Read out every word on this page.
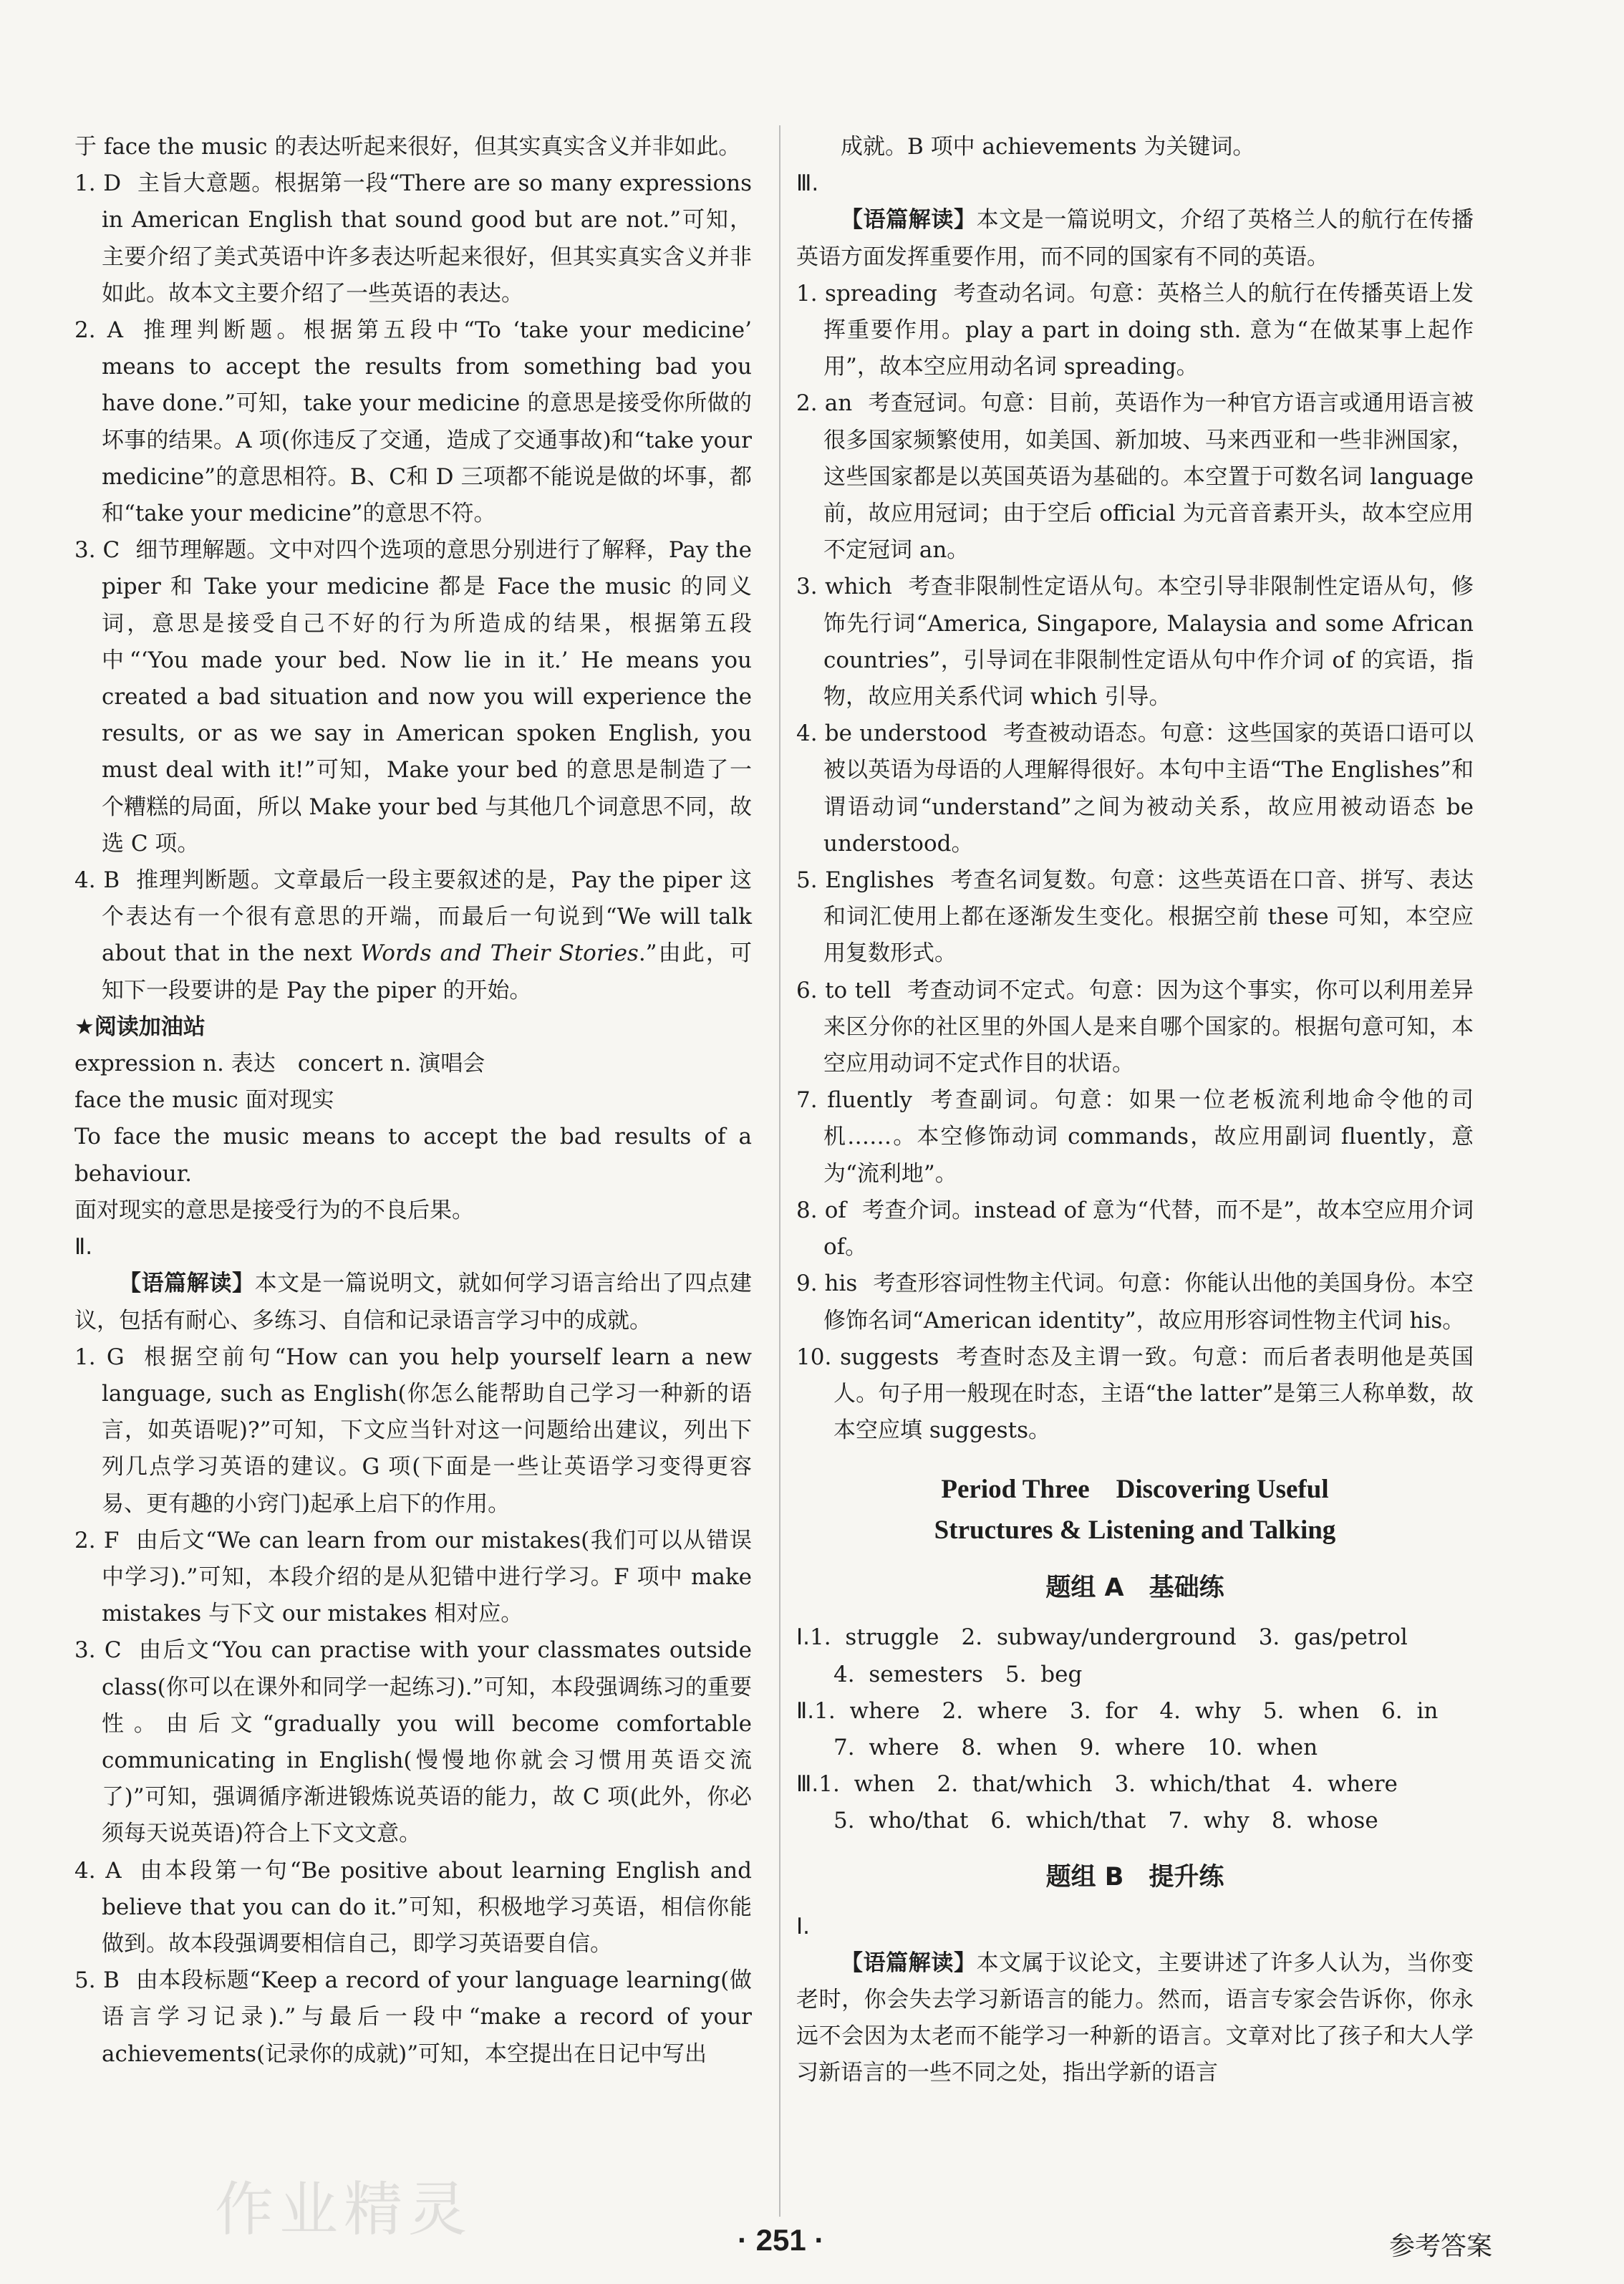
于 face the music 的表达听起来很好，但其实真实含义并非如此。

1. D 主旨大意题。根据第一段“There are so many expressions in American English that sound good but are not.”可知，主要介绍了美式英语中许多表达听起来很好，但其实真实含义并非如此。故本文主要介绍了一些英语的表达。
2. A 推理判断题。根据第五段中“To ‘take your medicine’ means to accept the results from something bad you have done.”可知，take your medicine 的意思是接受你所做的坏事的结果。A 项(你违反了交通，造成了交通事故)和“take your medicine”的意思相符。B、C和 D 三项都不能说是做的坏事，都和“take your medicine”的意思不符。
3. C 细节理解题。文中对四个选项的意思分别进行了解释，Pay the piper 和 Take your medicine 都是 Face the music 的同义词，意思是接受自己不好的行为所造成的结果，根据第五段中“‘You made your bed. Now lie in it.’ He means you created a bad situation and now you will experience the results, or as we say in American spoken English, you must deal with it!”可知，Make your bed 的意思是制造了一个糟糕的局面，所以 Make your bed 与其他几个词意思不同，故选 C 项。
4. B 推理判断题。文章最后一段主要叙述的是，Pay the piper 这个表达有一个很有意思的开端，而最后一句说到“We will talk about that in the next Words and Their Stories.”由此，可知下一段要讲的是 Pay the piper 的开始。

★阅读加油站

expression n. 表达　concert n. 演唱会

face the music 面对现实

To face the music means to accept the bad results of a behaviour.

面对现实的意思是接受行为的不良后果。

Ⅱ.

【语篇解读】本文是一篇说明文，就如何学习语言给出了四点建议，包括有耐心、多练习、自信和记录语言学习中的成就。

1. G 根据空前句“How can you help yourself learn a new language, such as English(你怎么能帮助自己学习一种新的语言，如英语呢)?”可知，下文应当针对这一问题给出建议，列出下列几点学习英语的建议。G 项(下面是一些让英语学习变得更容易、更有趣的小窍门)起承上启下的作用。
2. F 由后文“We can learn from our mistakes(我们可以从错误中学习).”可知，本段介绍的是从犯错中进行学习。F 项中 make mistakes 与下文 our mistakes 相对应。
3. C 由后文“You can practise with your classmates outside class(你可以在课外和同学一起练习).”可知，本段强调练习的重要性。由后文“gradually you will become comfortable communicating in English(慢慢地你就会习惯用英语交流了)”可知，强调循序渐进锻炼说英语的能力，故 C 项(此外，你必须每天说英语)符合上下文文意。
4. A 由本段第一句“Be positive about learning English and believe that you can do it.”可知，积极地学习英语，相信你能做到。故本段强调要相信自己，即学习英语要自信。
5. B 由本段标题“Keep a record of your language learning(做语言学习记录).”与最后一段中“make a record of your achievements(记录你的成就)”可知，本空提出在日记中写出

成就。B 项中 achievements 为关键词。

Ⅲ.

【语篇解读】本文是一篇说明文，介绍了英格兰人的航行在传播英语方面发挥重要作用，而不同的国家有不同的英语。

1. spreading 考查动名词。句意：英格兰人的航行在传播英语上发挥重要作用。play a part in doing sth. 意为“在做某事上起作用”，故本空应用动名词 spreading。
2. an 考查冠词。句意：目前，英语作为一种官方语言或通用语言被很多国家频繁使用，如美国、新加坡、马来西亚和一些非洲国家，这些国家都是以英国英语为基础的。本空置于可数名词 language 前，故应用冠词；由于空后 official 为元音音素开头，故本空应用不定冠词 an。
3. which 考查非限制性定语从句。本空引导非限制性定语从句，修饰先行词“America, Singapore, Malaysia and some African countries”，引导词在非限制性定语从句中作介词 of 的宾语，指物，故应用关系代词 which 引导。
4. be understood 考查被动语态。句意：这些国家的英语口语可以被以英语为母语的人理解得很好。本句中主语“The Englishes”和谓语动词“understand”之间为被动关系，故应用被动语态 be understood。
5. Englishes 考查名词复数。句意：这些英语在口音、拼写、表达和词汇使用上都在逐渐发生变化。根据空前 these 可知，本空应用复数形式。
6. to tell 考查动词不定式。句意：因为这个事实，你可以利用差异来区分你的社区里的外国人是来自哪个国家的。根据句意可知，本空应用动词不定式作目的状语。
7. fluently 考查副词。句意：如果一位老板流利地命令他的司机……。本空修饰动词 commands，故应用副词 fluently，意为“流利地”。
8. of 考查介词。instead of 意为“代替，而不是”，故本空应用介词 of。
9. his 考查形容词性物主代词。句意：你能认出他的美国身份。本空修饰名词“American identity”，故应用形容词性物主代词 his。
10. suggests 考查时态及主谓一致。句意：而后者表明他是英国人。句子用一般现在时态，主语“the latter”是第三人称单数，故本空应填 suggests。
Period Three　Discovering Useful
Structures & Listening and Talking
题组 A　基础练
Ⅰ.1. struggle　2. subway/underground　3. gas/petrol
4. semesters　5. beg
Ⅱ.1. where　2. where　3. for　4. why　5. when　6. in
7. where　8. when　9. where　10. when
Ⅲ.1. when　2. that/which　3. which/that　4. where
5. who/that　6. which/that　7. why　8. whose
题组 B　提升练

Ⅰ.

【语篇解读】本文属于议论文，主要讲述了许多人认为，当你变老时，你会失去学习新语言的能力。然而，语言专家会告诉你，你永远不会因为太老而不能学习一种新的语言。文章对比了孩子和大人学习新语言的一些不同之处，指出学新的语言

作业精灵	· 251 ·	参考答案
